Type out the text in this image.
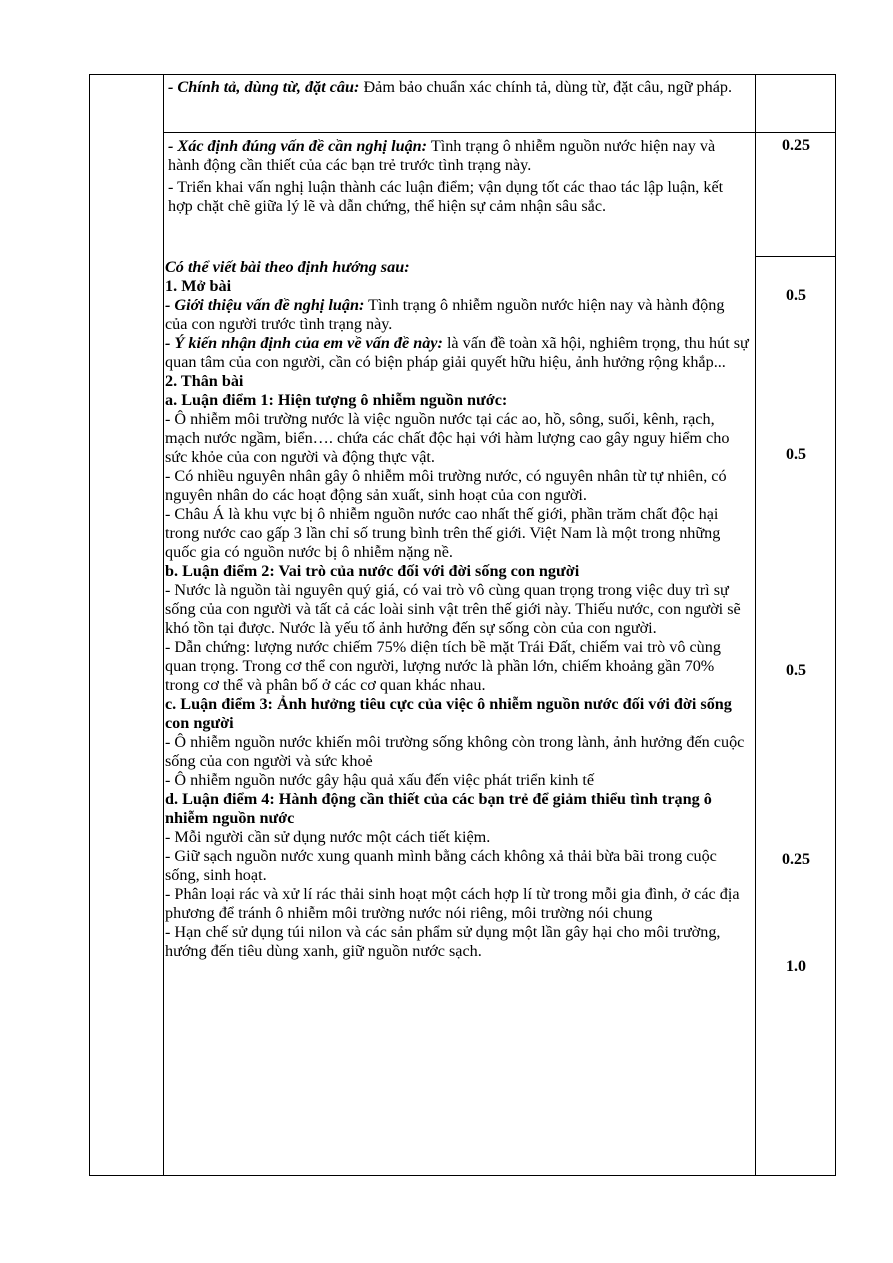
- Chính tả, dùng từ, đặt câu: Đảm bảo chuẩn xác chính tả, dùng từ, đặt câu, ngữ pháp.

- Xác định đúng vấn đề cần nghị luận: Tình trạng ô nhiễm nguồn nước hiện nay và hành động cần thiết của các bạn trẻ trước tình trạng này.

- Triển khai vấn nghị luận thành các luận điểm; vận dụng tốt các thao tác lập luận, kết hợp chặt chẽ giữa lý lẽ và dẫn chứng, thể hiện sự cảm nhận sâu sắc.

0.25

Có thể viết bài theo định hướng sau:

1. Mở bài

- Giới thiệu vấn đề nghị luận: Tình trạng ô nhiễm nguồn nước hiện nay và hành động của con người trước tình trạng này.

- Ý kiến nhận định của em về vấn đề này: là vấn đề toàn xã hội, nghiêm trọng, thu hút sự quan tâm của con người, cần có biện pháp giải quyết hữu hiệu, ảnh hưởng rộng khắp...

2. Thân bài

a. Luận điểm 1: Hiện tượng ô nhiễm nguồn nước:

- Ô nhiễm môi trường nước là việc nguồn nước tại các ao, hồ, sông, suối, kênh, rạch, mạch nước ngầm, biển…. chứa các chất độc hại với hàm lượng cao gây nguy hiểm cho sức khỏe của con người và động thực vật.

- Có nhiều nguyên nhân gây ô nhiễm môi trường nước, có nguyên nhân từ tự nhiên, có nguyên nhân do các hoạt động sản xuất, sinh hoạt của con người.

- Châu Á là khu vực bị ô nhiễm nguồn nước cao nhất thế giới, phần trăm chất độc hại trong nước cao gấp 3 lần chỉ số trung bình trên thế giới. Việt Nam là một trong những quốc gia có nguồn nước bị ô nhiễm nặng nề.

b. Luận điểm 2: Vai trò của nước đối với đời sống con người

- Nước là nguồn tài nguyên quý giá, có vai trò vô cùng quan trọng trong việc duy trì sự sống của con người và tất cả các loài sinh vật trên thế giới này. Thiếu nước, con người sẽ khó tồn tại được. Nước là yếu tố ảnh hưởng đến sự sống còn của con người.

- Dẫn chứng: lượng nước chiếm 75% diện tích bề mặt Trái Đất, chiếm vai trò vô cùng quan trọng. Trong cơ thể con người, lượng nước là phần lớn, chiếm khoảng gần 70% trong cơ thể và phân bố ở các cơ quan khác nhau.

c. Luận điểm 3: Ảnh hưởng tiêu cực của việc ô nhiễm nguồn nước đối với đời sống con người

- Ô nhiễm nguồn nước khiến môi trường sống không còn trong lành, ảnh hưởng đến cuộc sống của con người và sức khoẻ

- Ô nhiễm nguồn nước gây hậu quả xấu đến việc phát triển kinh tế

d. Luận điểm 4: Hành động cần thiết của các bạn trẻ để giảm thiểu tình trạng ô nhiễm nguồn nước

- Mỗi người cần sử dụng nước một cách tiết kiệm.

- Giữ sạch nguồn nước xung quanh mình bằng cách không xả thải bừa bãi trong cuộc sống, sinh hoạt.

- Phân loại rác và xử lí rác thải sinh hoạt một cách hợp lí từ trong mỗi gia đình, ở các địa phương để tránh ô nhiễm môi trường nước nói riêng, môi trường nói chung

- Hạn chế sử dụng túi nilon và các sản phẩm sử dụng một lần gây hại cho môi trường, hướng đến tiêu dùng xanh, giữ nguồn nước sạch.

0.5
0.5
0.5
0.25
1.0
